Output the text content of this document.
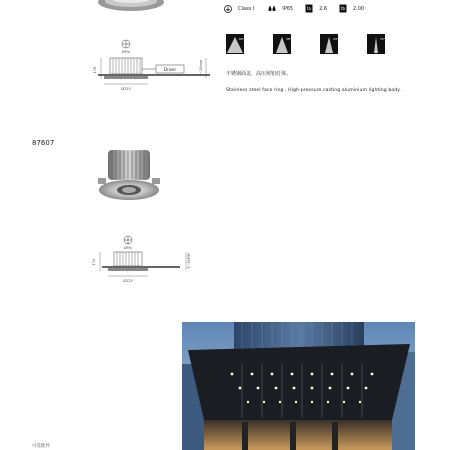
Class I	IP65	ta 2.6	tb 2.00
60°	38°	24°	15°
不锈钢面盖，高压铸铝灯体。
Stainless steel face ring , High-pressure casting aluminium lighting body .
Ø5%
Driver
176
Ø225
3~20mm
87607
Ø5%
174
Ø225
3~20MM
可选配件
